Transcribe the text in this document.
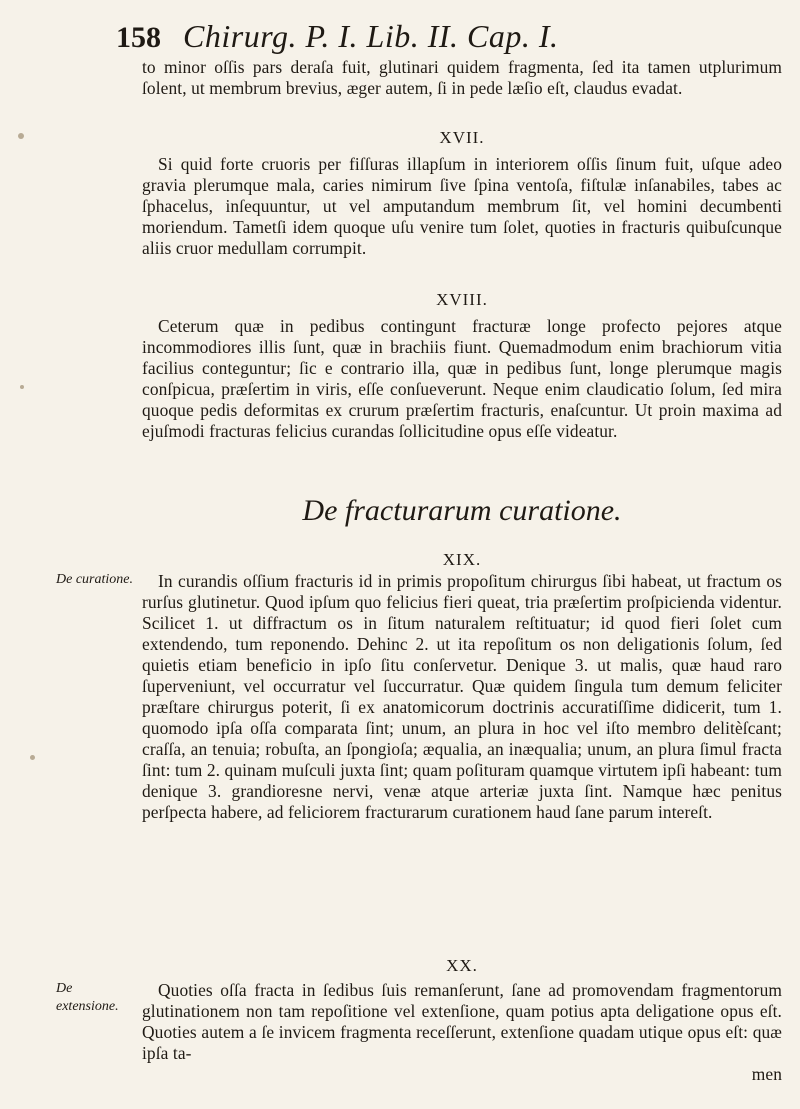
158 Chirurg. P. I. Lib. II. Cap. I.

to minor oſſis pars deraſa fuit, glutinari quidem fragmenta, ſed ita tamen utplurimum ſolent, ut membrum brevius, æger autem, ſi in pede læſio eſt, claudus evadat.

XVII.

Si quid forte cruoris per fiſſuras illapſum in interiorem oſſis ſinum fuit, uſque adeo gravia plerumque mala, caries nimirum ſive ſpina ventoſa, fiſtulæ inſanabiles, tabes ac ſphacelus, inſequuntur, ut vel amputandum membrum ſit, vel homini decumbenti moriendum. Tametſi idem quoque uſu venire tum ſolet, quoties in fracturis quibuſcunque aliis cruor medullam corrumpit.

XVIII.

Ceterum quæ in pedibus contingunt fracturæ longe profecto pejores atque incommodiores illis ſunt, quæ in brachiis fiunt. Quemadmodum enim brachiorum vitia facilius conteguntur; ſic e contrario illa, quæ in pedibus ſunt, longe plerumque magis conſpicua, præſertim in viris, eſſe conſueverunt. Neque enim claudicatio ſolum, ſed mira quoque pedis deformitas ex crurum præſertim fracturis, enaſcuntur. Ut proin maxima ad ejuſmodi fracturas felicius curandas ſollicitudine opus eſſe videatur.

De fracturarum curatione.

XIX.

De curatione.	In curandis oſſium fracturis id in primis propoſitum chirurgus ſibi habeat, ut fractum os rurſus glutinetur. Quod ipſum quo felicius fieri queat, tria præſertim proſpicienda videntur. Scilicet 1. ut diffractum os in ſitum naturalem reſtituatur; id quod fieri ſolet cum extendendo, tum reponendo. Dehinc 2. ut ita repoſitum os non deligationis ſolum, ſed quietis etiam beneficio in ipſo ſitu conſervetur. Denique 3. ut malis, quæ haud raro ſuperveniunt, vel occurratur vel ſuccurratur. Quæ quidem ſingula tum demum feliciter præſtare chirurgus poterit, ſi ex anatomicorum doctrinis accuratiſſime didicerit, tum 1. quomodo ipſa oſſa comparata ſint; unum, an plura in hoc vel iſto membro delitèſcant; craſſa, an tenuia; robuſta, an ſpongioſa; æqualia, an inæqualia; unum, an plura ſimul fracta ſint: tum 2. quinam muſculi juxta ſint; quam poſituram quamque virtutem ipſi habeant: tum denique 3. grandioresne nervi, venæ atque arteriæ juxta ſint. Namque hæc penitus perſpecta habere, ad feliciorem fracturarum curationem haud ſane parum intereſt.

XX.

De extensione.

Quoties oſſa fracta in ſedibus ſuis remanſerunt, ſane ad promovendam fragmentorum glutinationem non tam repoſitione vel extenſione, quam potius apta deligatione opus eſt. Quoties autem a ſe invicem fragmenta receſſerunt, extenſione quadam utique opus eſt: quæ ipſa ta-

men
